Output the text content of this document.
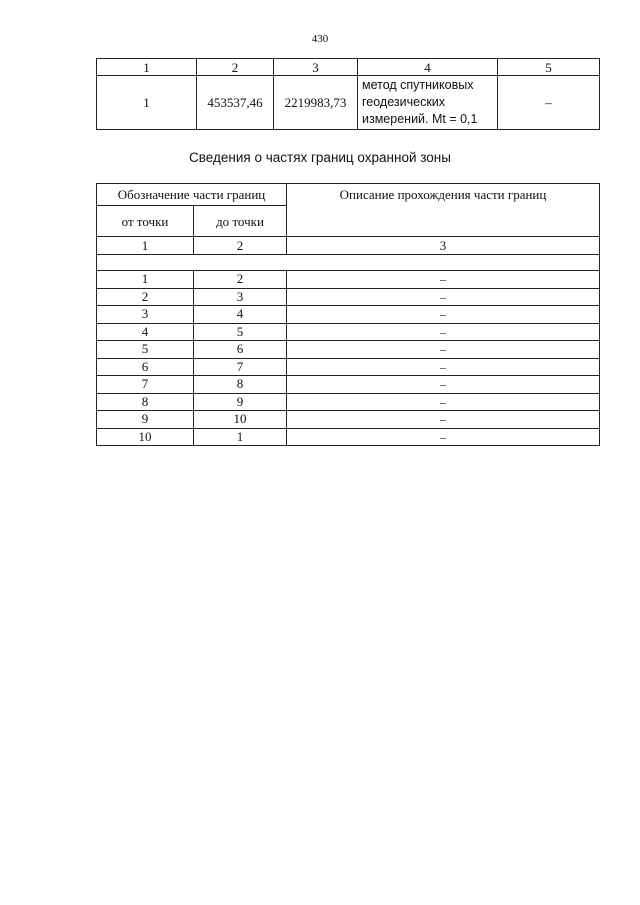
430
1	2	3	4	5
1	453537,46	2219983,73	метод спутниковых
геодезических
измерений. Mt = 0,1	–
Сведения о частях границ охранной зоны
Обозначение части границ		Описание прохождения части границ
от точки	до точки	
1	2	3

1	2	–
2	3	–
3	4	–
4	5	–
5	6	–
6	7	–
7	8	–
8	9	–
9	10	–
10	1	–
